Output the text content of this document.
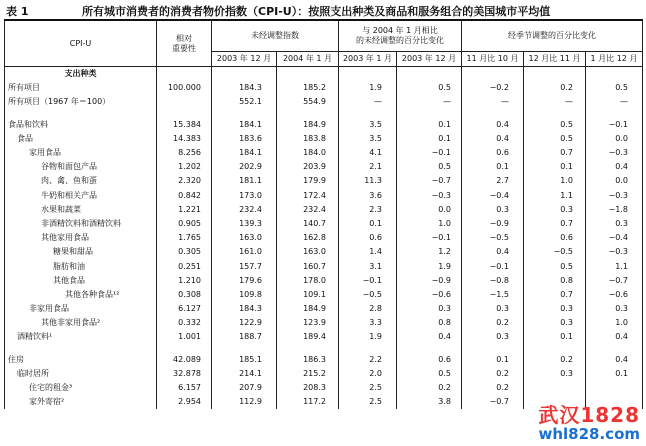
表 1	所有城市消费者的消费者物价指数（CPI-U）：按照支出种类及商品和服务组合的美国城市平均值
CPI-U	相对
重要性	未经调整指数		与 2004 年 1 月相比
的未经调整的百分比变化		经季节调整的百分比变化		
		2003 年 12 月	2004 年 1 月	2003 年 1 月	2003 年 12 月	11 月比 10 月	12 月比 11 月	1 月比 12 月
支出种类								
所有项目	100.000	184.3	185.2	1.9	0.5	−0.2	0.2	0.5
所有项目（1967 年＝100）		552.1	554.9	—	—	—	—	—

食品和饮料	15.384	184.1	184.9	3.5	0.1	0.4	0.5	−0.1
食品	14.383	183.6	183.8	3.5	0.1	0.4	0.5	0.0
家用食品	8.256	184.1	184.0	4.1	−0.1	0.6	0.7	−0.3
谷物和面包产品	1.202	202.9	203.9	2.1	0.5	0.1	0.1	0.4
肉、禽、鱼和蛋	2.320	181.1	179.9	11.3	−0.7	2.7	1.0	0.0
牛奶和相关产品	0.842	173.0	172.4	3.6	−0.3	−0.4	1.1	−0.3
水果和蔬菜	1.221	232.4	232.4	2.3	0.0	0.3	0.3	−1.8
非酒精饮料和酒精饮料	0.905	139.3	140.7	0.1	1.0	−0.9	0.7	0.3
其他家用食品	1.765	163.0	162.8	0.6	−0.1	−0.5	0.6	−0.4
糖果和甜品	0.305	161.0	163.0	1.4	1.2	0.4	−0.5	−0.3
脂肪和油	0.251	157.7	160.7	3.1	1.9	−0.1	0.5	1.1
其他食品	1.210	179.6	178.0	−0.1	−0.9	−0.8	0.8	−0.7
其他各种食品¹²	0.308	109.8	109.1	−0.5	−0.6	−1.5	0.7	−0.6
非家用食品	6.127	184.3	184.9	2.8	0.3	0.3	0.3	0.3
其他非家用食品²	0.332	122.9	123.9	3.3	0.8	0.2	0.3	1.0
酒精饮料¹	1.001	188.7	189.4	1.9	0.4	0.3	0.1	0.4

住房	42.089	185.1	186.3	2.2	0.6	0.1	0.2	0.4
临时居所	32.878	214.1	215.2	2.0	0.5	0.2	0.3	0.1
住宅的租金³	6.157	207.9	208.3	2.5	0.2	0.2		
家外寄宿²	2.954	112.9	117.2	2.5	3.8	−0.7		
武汉1828
whl828.com
